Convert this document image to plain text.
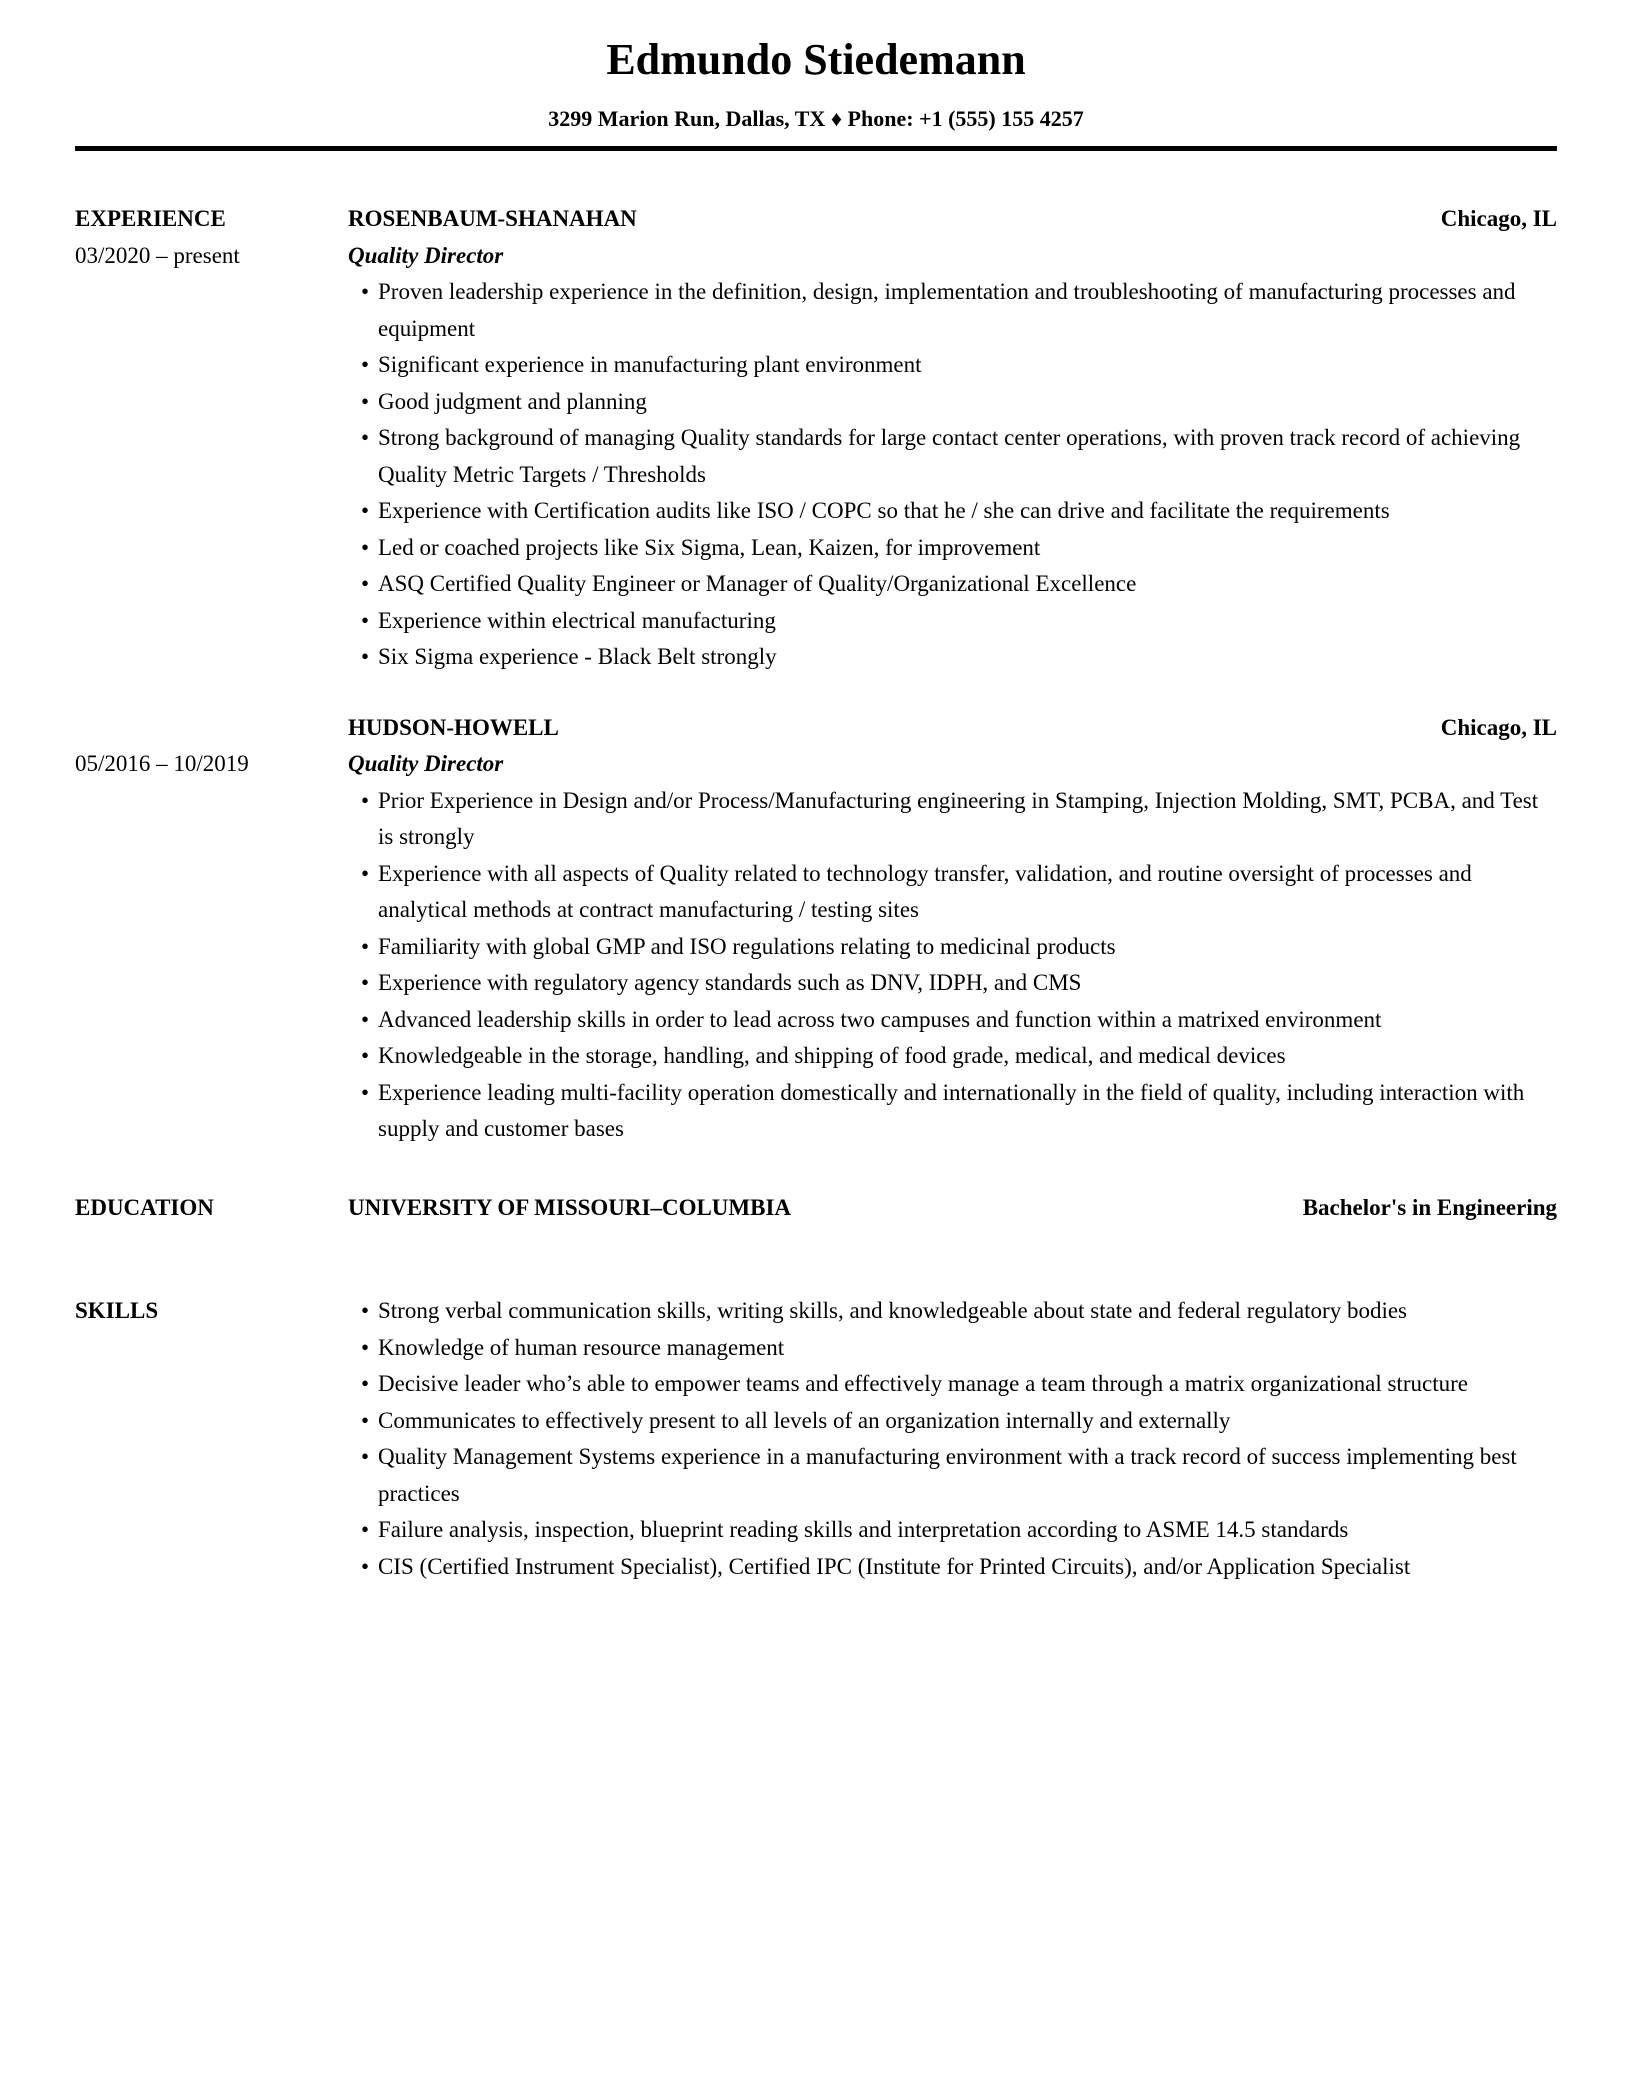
Edmundo Stiedemann
3299 Marion Run, Dallas, TX ♦ Phone: +1 (555) 155 4257
EXPERIENCE
03/2020 – present
ROSENBAUM-SHANAHAN	Chicago, IL
Quality Director
• Proven leadership experience in the definition, design, implementation and troubleshooting of manufacturing processes and equipment
• Significant experience in manufacturing plant environment
• Good judgment and planning
• Strong background of managing Quality standards for large contact center operations, with proven track record of achieving Quality Metric Targets / Thresholds
• Experience with Certification audits like ISO / COPC so that he / she can drive and facilitate the requirements
• Led or coached projects like Six Sigma, Lean, Kaizen, for improvement
• ASQ Certified Quality Engineer or Manager of Quality/Organizational Excellence
• Experience within electrical manufacturing
• Six Sigma experience - Black Belt strongly
05/2016 – 10/2019
HUDSON-HOWELL	Chicago, IL
Quality Director
• Prior Experience in Design and/or Process/Manufacturing engineering in Stamping, Injection Molding, SMT, PCBA, and Test is strongly
• Experience with all aspects of Quality related to technology transfer, validation, and routine oversight of processes and analytical methods at contract manufacturing / testing sites
• Familiarity with global GMP and ISO regulations relating to medicinal products
• Experience with regulatory agency standards such as DNV, IDPH, and CMS
• Advanced leadership skills in order to lead across two campuses and function within a matrixed environment
• Knowledgeable in the storage, handling, and shipping of food grade, medical, and medical devices
• Experience leading multi-facility operation domestically and internationally in the field of quality, including interaction with supply and customer bases
EDUCATION	UNIVERSITY OF MISSOURI–COLUMBIA	Bachelor's in Engineering
SKILLS	• Strong verbal communication skills, writing skills, and knowledgeable about state and federal regulatory bodies
• Knowledge of human resource management
• Decisive leader who’s able to empower teams and effectively manage a team through a matrix organizational structure
• Communicates to effectively present to all levels of an organization internally and externally
• Quality Management Systems experience in a manufacturing environment with a track record of success implementing best practices
• Failure analysis, inspection, blueprint reading skills and interpretation according to ASME 14.5 standards
• CIS (Certified Instrument Specialist), Certified IPC (Institute for Printed Circuits), and/or Application Specialist
